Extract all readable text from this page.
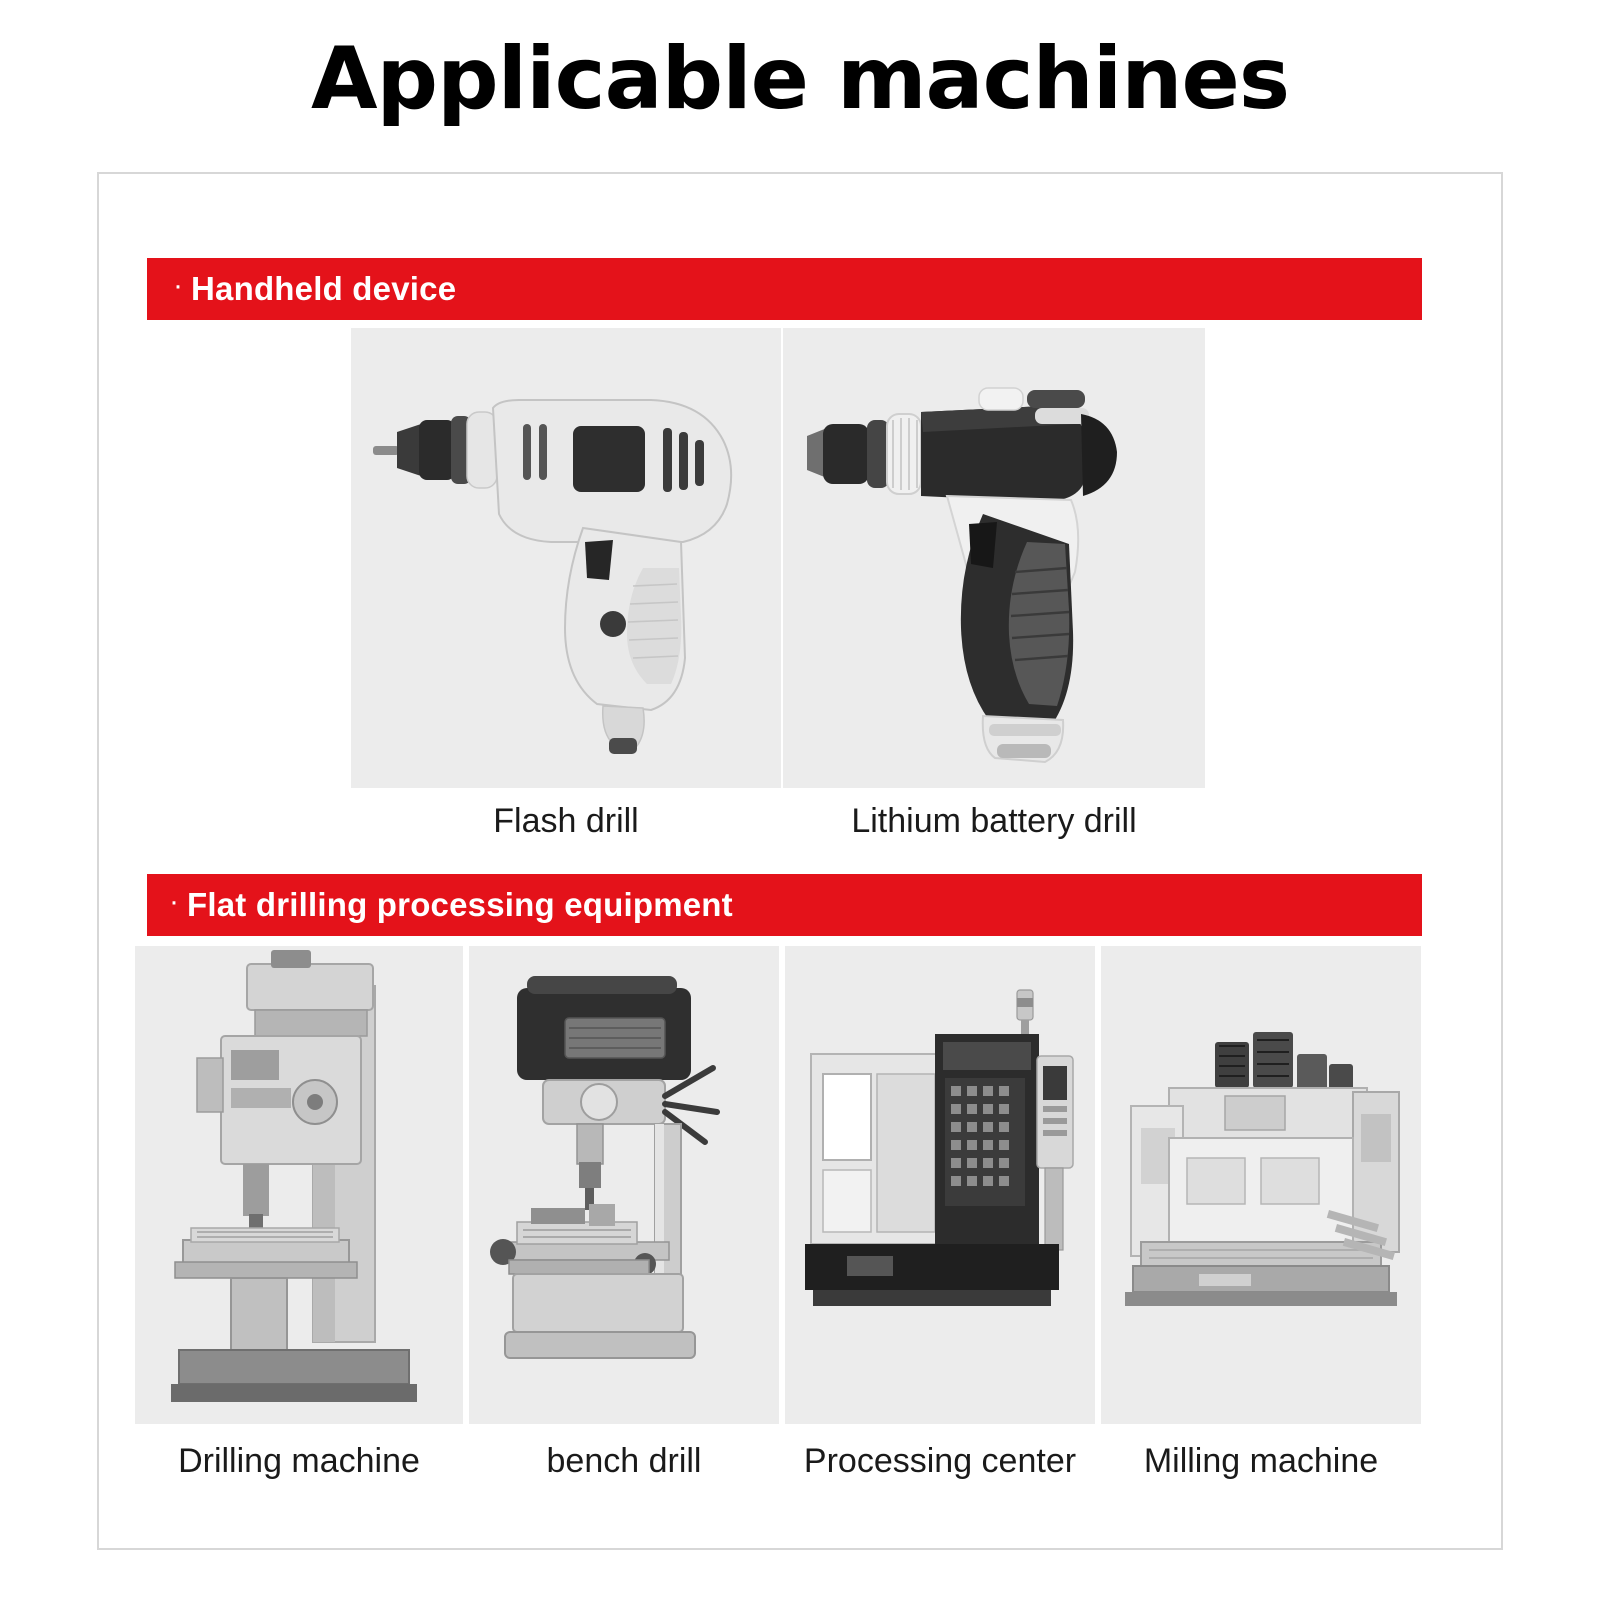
Applicable machines
· Handheld device
Flash drill	Lithium battery drill
· Flat drilling processing equipment
Drilling machine	bench drill	Processing center	Milling machine
